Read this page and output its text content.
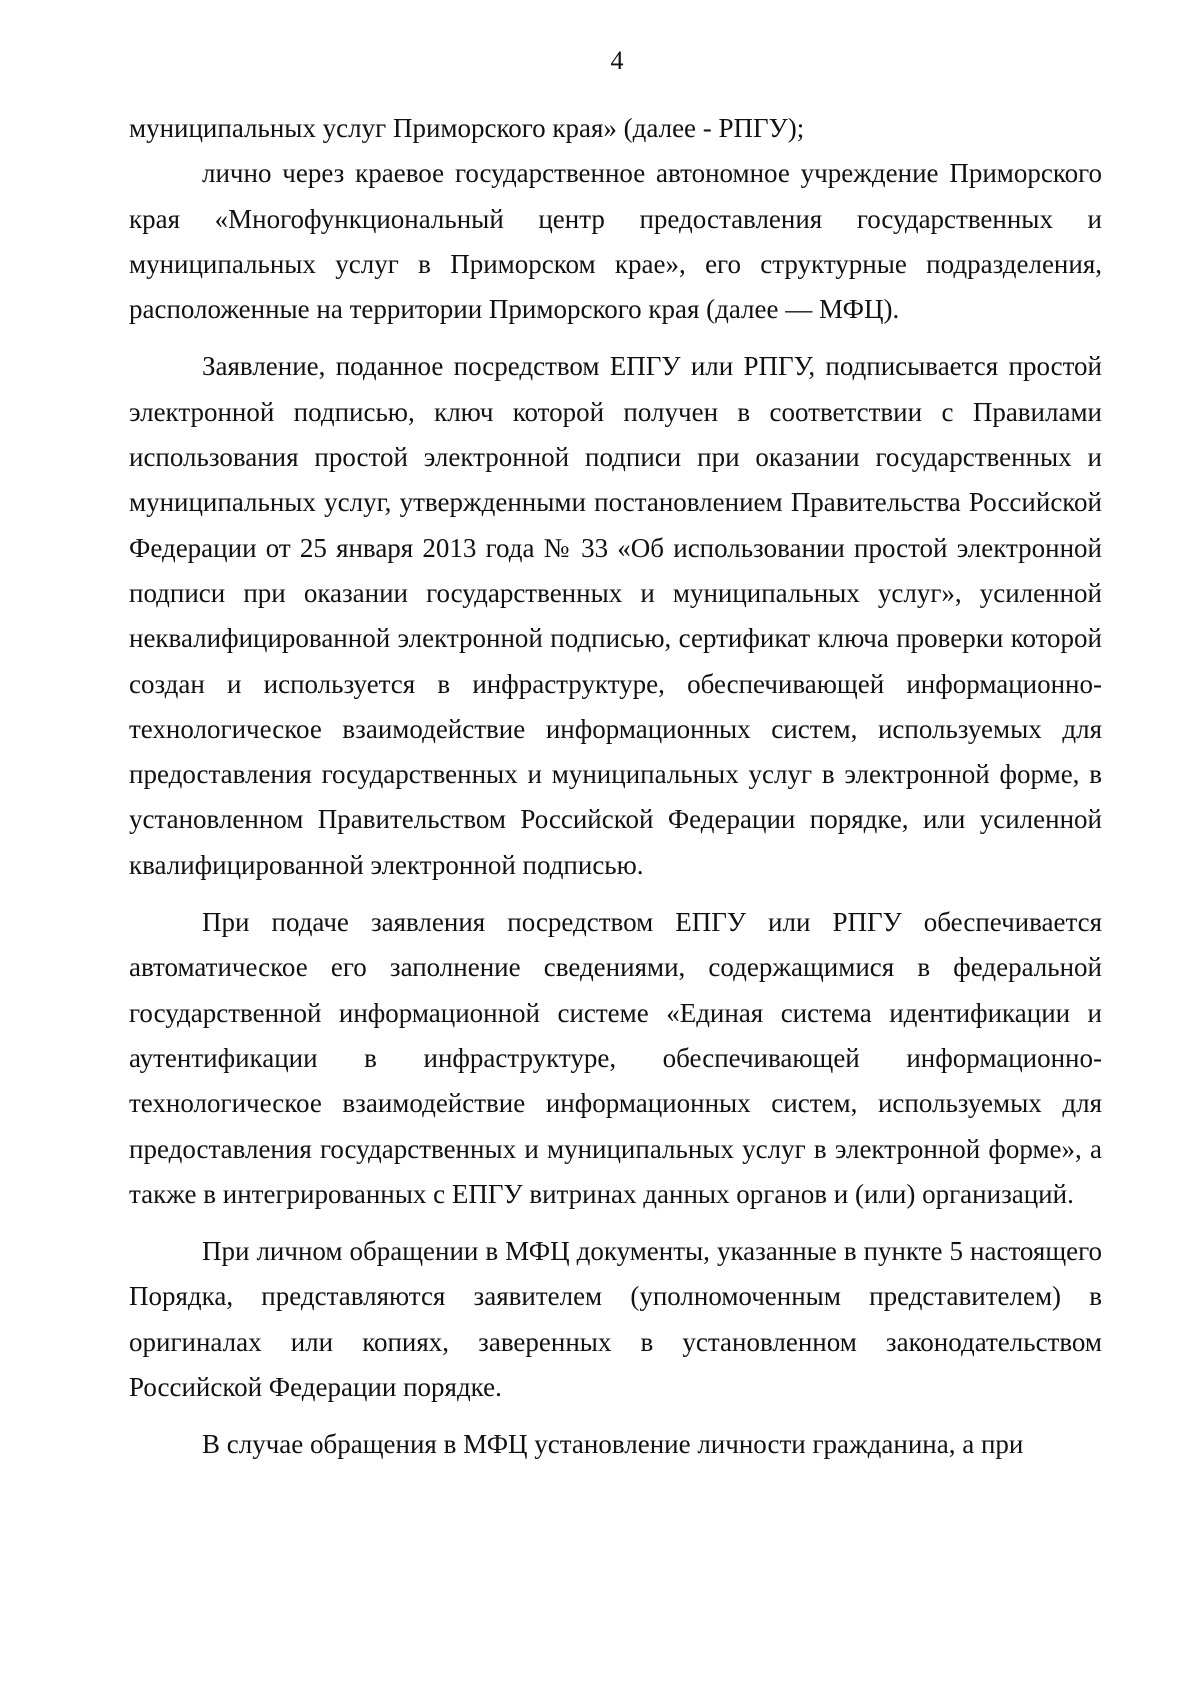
4

муниципальных услуг Приморского края» (далее - РПГУ);

лично через краевое государственное автономное учреждение Приморского края «Многофункциональный центр предоставления государственных и муниципальных услуг в Приморском крае», его структурные подразделения, расположенные на территории Приморского края (далее — МФЦ).

Заявление, поданное посредством ЕПГУ или РПГУ, подписывается простой электронной подписью, ключ которой получен в соответствии с Правилами использования простой электронной подписи при оказании государственных и муниципальных услуг, утвержденными постановлением Правительства Российской Федерации от 25 января 2013 года № 33 «Об использовании простой электронной подписи при оказании государственных и муниципальных услуг», усиленной неквалифицированной электронной подписью, сертификат ключа проверки которой создан и используется в инфраструктуре, обеспечивающей информационно-технологическое взаимодействие информационных систем, используемых для предоставления государственных и муниципальных услуг в электронной форме, в установленном Правительством Российской Федерации порядке, или усиленной квалифицированной электронной подписью.

При подаче заявления посредством ЕПГУ или РПГУ обеспечивается автоматическое его заполнение сведениями, содержащимися в федеральной государственной информационной системе «Единая система идентификации и аутентификации в инфраструктуре, обеспечивающей информационно-технологическое взаимодействие информационных систем, используемых для предоставления государственных и муниципальных услуг в электронной форме», а также в интегрированных с ЕПГУ витринах данных органов и (или) организаций.

При личном обращении в МФЦ документы, указанные в пункте 5 настоящего Порядка, представляются заявителем (уполномоченным представителем) в оригиналах или копиях, заверенных в установленном законодательством Российской Федерации порядке.

В случае обращения в МФЦ установление личности гражданина, а при
